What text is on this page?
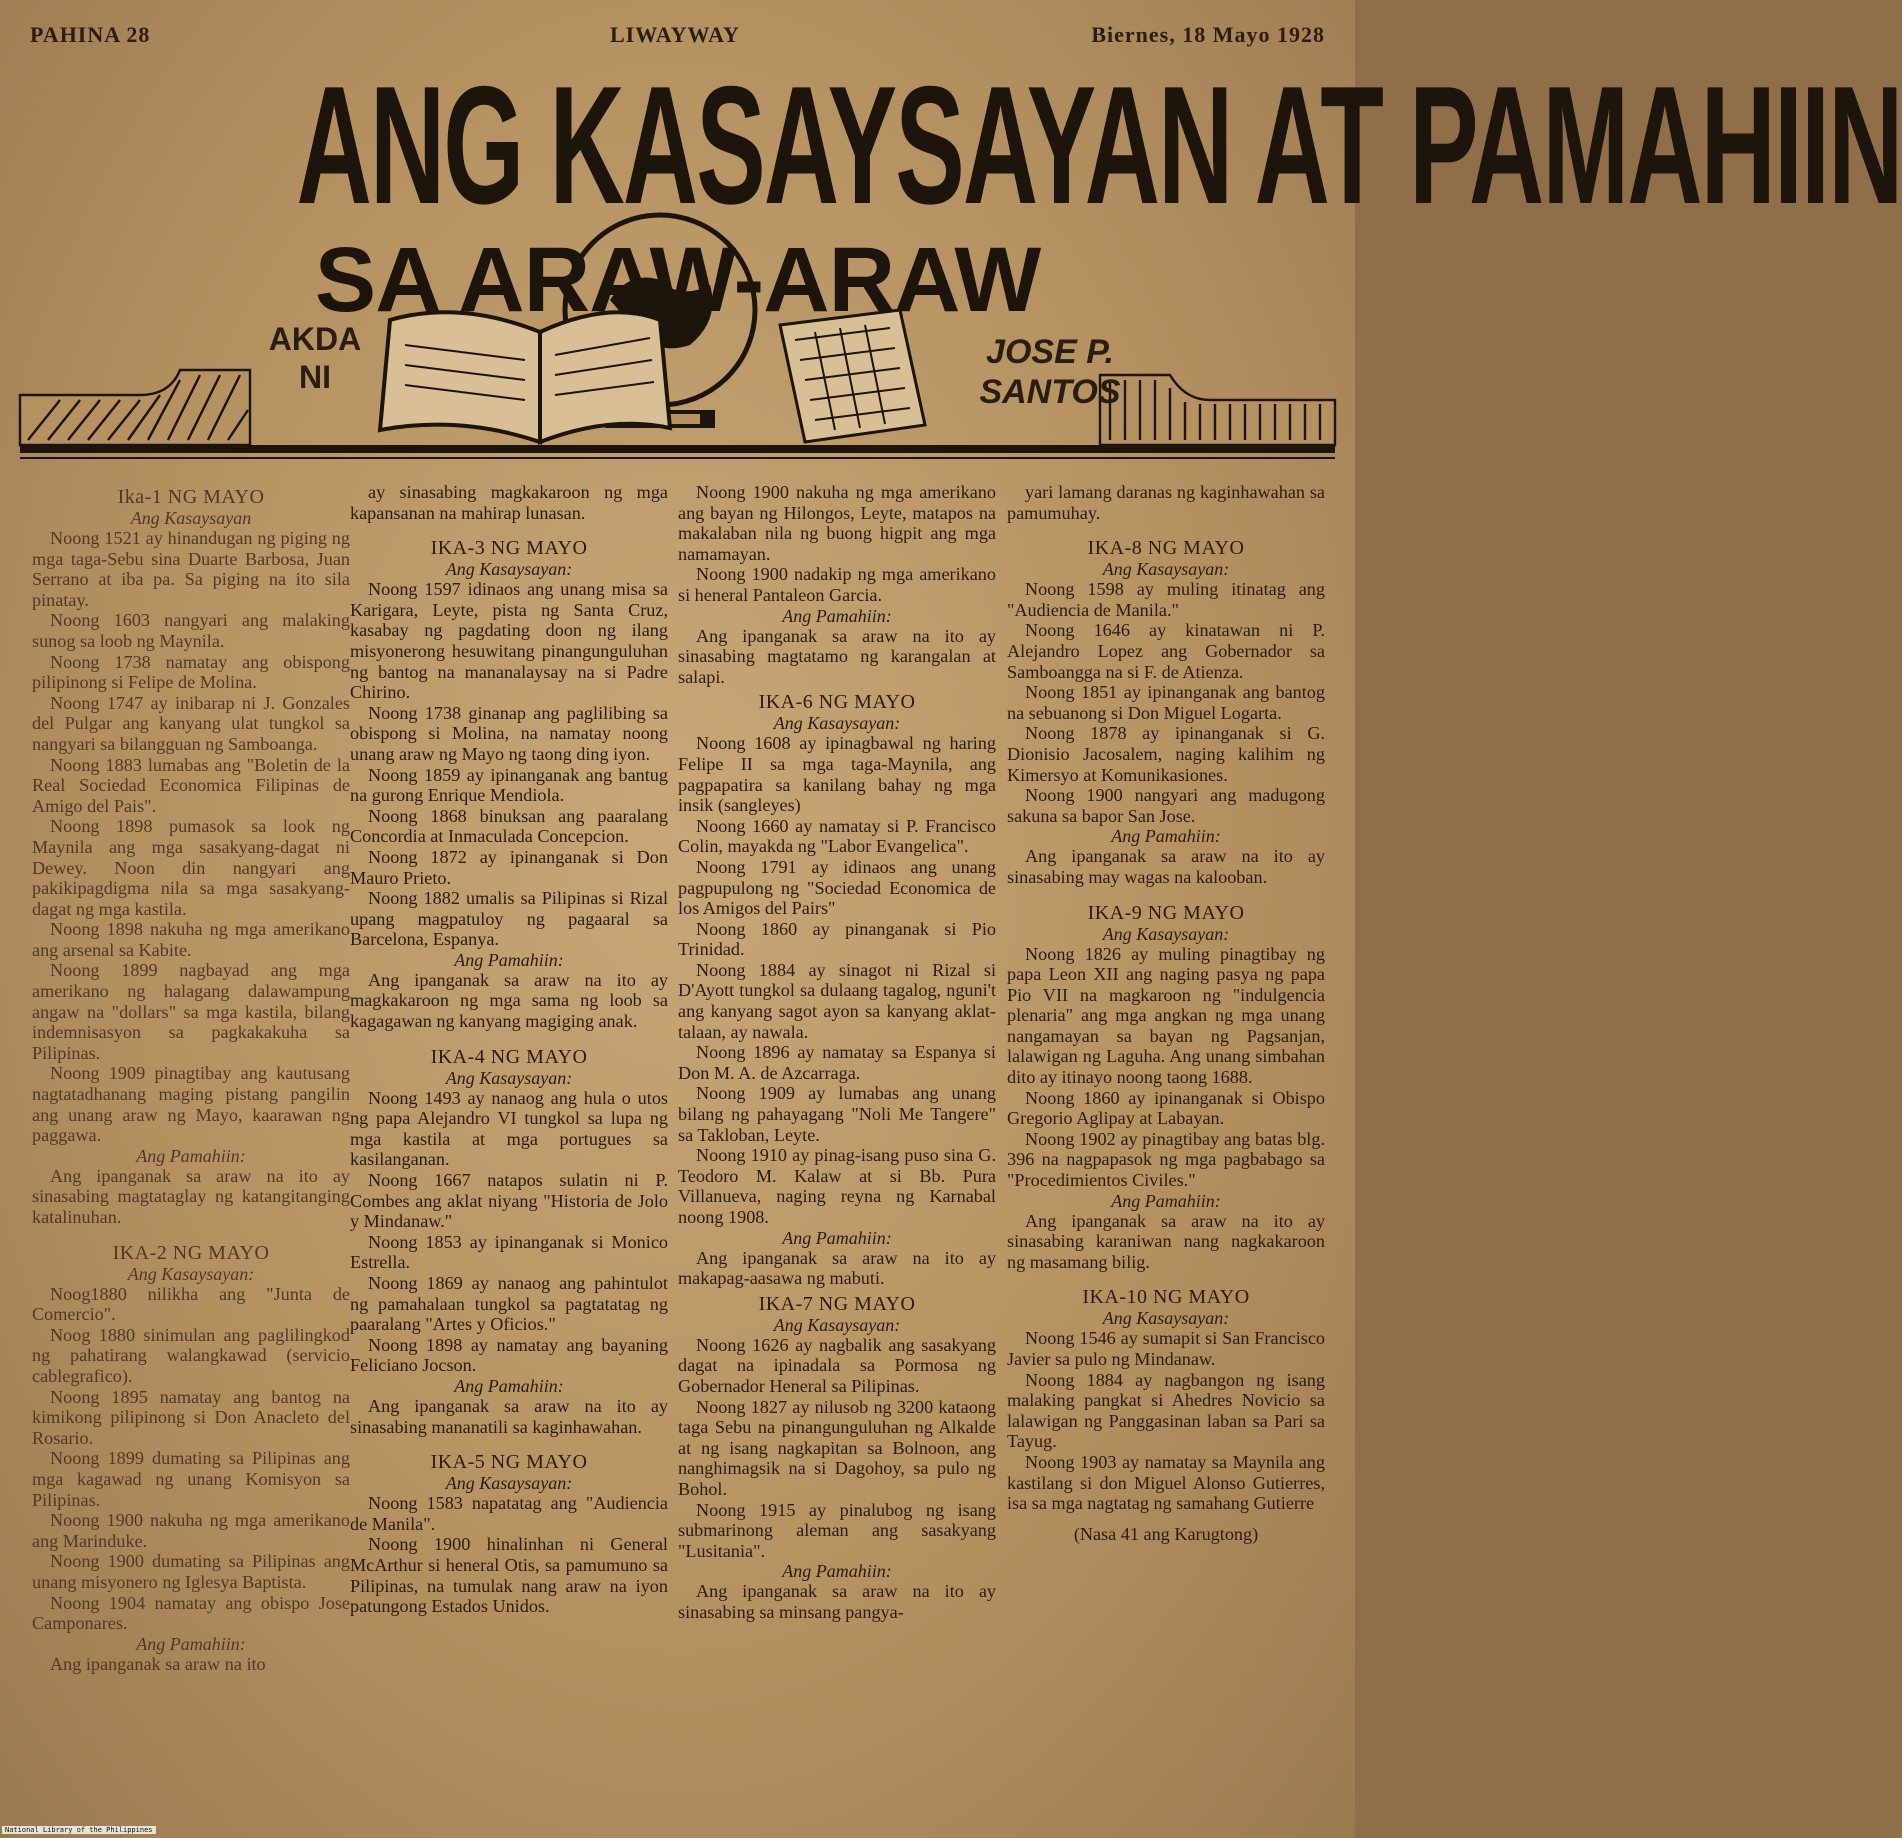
PAHINA 28	LIWAYWAY	Biernes, 18 Mayo 1928
ANG KASAYSAYAN AT PAMAHIIN
SA ARAW-ARAW
AKDA
NI
JOSE P.
SANTOS
Ika-1 NG MAYO
Ang Kasaysayan

Noong 1521 ay hinandugan ng piging ng mga taga-Sebu sina Duarte Barbosa, Juan Serrano at iba pa. Sa piging na ito sila pinatay.

Noong 1603 nangyari ang malaking sunog sa loob ng Maynila.

Noong 1738 namatay ang obispong pilipinong si Felipe de Molina.

Noong 1747 ay inibarap ni J. Gonzales del Pulgar ang kanyang ulat tungkol sa nangyari sa bilangguan ng Samboanga.

Noong 1883 lumabas ang "Boletin de la Real Sociedad Economica Filipinas de Amigo del Pais".

Noong 1898 pumasok sa look ng Maynila ang mga sasakyang-dagat ni Dewey. Noon din nangyari ang pakikipagdigma nila sa mga sasakyang-dagat ng mga kastila.

Noong 1898 nakuha ng mga amerikano ang arsenal sa Kabite.

Noong 1899 nagbayad ang mga amerikano ng halagang dalawampung angaw na "dollars" sa mga kastila, bilang indemnisasyon sa pagkakakuha sa Pilipinas.

Noong 1909 pinagtibay ang kautusang nagtatadhanang maging pistang pangilin ang unang araw ng Mayo, kaarawan ng paggawa.

Ang Pamahiin:

Ang ipanganak sa araw na ito ay sinasabing magtataglay ng katangitanging katalinuhan.

IKA-2 NG MAYO
Ang Kasaysayan:

Noog1880 nilikha ang "Junta de Comercio".

Noog 1880 sinimulan ang paglilingkod ng pahatirang walangkawad (servicio cablegrafico).

Noong 1895 namatay ang bantog na kimikong pilipinong si Don Anacleto del Rosario.

Noong 1899 dumating sa Pilipinas ang mga kagawad ng unang Komisyon sa Pilipinas.

Noong 1900 nakuha ng mga amerikano ang Marinduke.

Noong 1900 dumating sa Pilipinas ang unang misyonero ng Iglesya Baptista.

Noong 1904 namatay ang obispo Jose Camponares.

Ang Pamahiin:

Ang ipanganak sa araw na ito

ay sinasabing magkakaroon ng mga kapansanan na mahirap lunasan.

IKA-3 NG MAYO
Ang Kasaysayan:

Noong 1597 idinaos ang unang misa sa Karigara, Leyte, pista ng Santa Cruz, kasabay ng pagdating doon ng ilang misyonerong hesuwitang pinangunguluhan ng bantog na mananalaysay na si Padre Chirino.

Noong 1738 ginanap ang paglilibing sa obispong si Molina, na namatay noong unang araw ng Mayo ng taong ding iyon.

Noong 1859 ay ipinanganak ang bantug na gurong Enrique Mendiola.

Noong 1868 binuksan ang paaralang Concordia at Inmaculada Concepcion.

Noong 1872 ay ipinanganak si Don Mauro Prieto.

Noong 1882 umalis sa Pilipinas si Rizal upang magpatuloy ng pagaaral sa Barcelona, Espanya.

Ang Pamahiin:

Ang ipanganak sa araw na ito ay magkakaroon ng mga sama ng loob sa kagagawan ng kanyang magiging anak.

IKA-4 NG MAYO
Ang Kasaysayan:

Noong 1493 ay nanaog ang hula o utos ng papa Alejandro VI tungkol sa lupa ng mga kastila at mga portugues sa kasilanganan.

Noong 1667 natapos sulatin ni P. Combes ang aklat niyang "Historia de Jolo y Mindanaw."

Noong 1853 ay ipinanganak si Monico Estrella.

Noong 1869 ay nanaog ang pahintulot ng pamahalaan tungkol sa pagtatatag ng paaralang "Artes y Oficios."

Noong 1898 ay namatay ang bayaning Feliciano Jocson.

Ang Pamahiin:

Ang ipanganak sa araw na ito ay sinasabing mananatili sa kaginhawahan.

IKA-5 NG MAYO
Ang Kasaysayan:

Noong 1583 napatatag ang "Audiencia de Manila".

Noong 1900 hinalinhan ni General McArthur si heneral Otis, sa pamumuno sa Pilipinas, na tumulak nang araw na iyon patungong Estados Unidos.

Noong 1900 nakuha ng mga amerikano ang bayan ng Hilongos, Leyte, matapos na makalaban nila ng buong higpit ang mga namamayan.

Noong 1900 nadakip ng mga amerikano si heneral Pantaleon Garcia.

Ang Pamahiin:

Ang ipanganak sa araw na ito ay sinasabing magtatamo ng karangalan at salapi.

IKA-6 NG MAYO
Ang Kasaysayan:

Noong 1608 ay ipinagbawal ng haring Felipe II sa mga taga-Maynila, ang pagpapatira sa kanilang bahay ng mga insik (sangleyes)

Noong 1660 ay namatay si P. Francisco Colin, mayakda ng "Labor Evangelica".

Noong 1791 ay idinaos ang unang pagpupulong ng "Sociedad Economica de los Amigos del Pairs"

Noong 1860 ay pinanganak si Pio Trinidad.

Noong 1884 ay sinagot ni Rizal si D'Ayott tungkol sa dulaang tagalog, nguni't ang kanyang sagot ayon sa kanyang aklat-talaan, ay nawala.

Noong 1896 ay namatay sa Espanya si Don M. A. de Azcarraga.

Noong 1909 ay lumabas ang unang bilang ng pahayagang "Noli Me Tangere" sa Takloban, Leyte.

Noong 1910 ay pinag-isang puso sina G. Teodoro M. Kalaw at si Bb. Pura Villanueva, naging reyna ng Karnabal noong 1908.

Ang Pamahiin:

Ang ipanganak sa araw na ito ay makapag-aasawa ng mabuti.

IKA-7 NG MAYO
Ang Kasaysayan:

Noong 1626 ay nagbalik ang sasakyang dagat na ipinadala sa Pormosa ng Gobernador Heneral sa Pilipinas.

Noong 1827 ay nilusob ng 3200 kataong taga Sebu na pinangunguluhan ng Alkalde at ng isang nagkapitan sa Bolnoon, ang nanghimagsik na si Dagohoy, sa pulo ng Bohol.

Noong 1915 ay pinalubog ng isang submarinong aleman ang sasakyang "Lusitania".

Ang Pamahiin:

Ang ipanganak sa araw na ito ay sinasabing sa minsang pangya-

yari lamang daranas ng kaginhawahan sa pamumuhay.

IKA-8 NG MAYO
Ang Kasaysayan:

Noong 1598 ay muling itinatag ang "Audiencia de Manila."

Noong 1646 ay kinatawan ni P. Alejandro Lopez ang Gobernador sa Samboangga na si F. de Atienza.

Noong 1851 ay ipinanganak ang bantog na sebuanong si Don Miguel Logarta.

Noong 1878 ay ipinanganak si G. Dionisio Jacosalem, naging kalihim ng Kimersyo at Komunikasiones.

Noong 1900 nangyari ang madugong sakuna sa bapor San Jose.

Ang Pamahiin:

Ang ipanganak sa araw na ito ay sinasabing may wagas na kalooban.

IKA-9 NG MAYO
Ang Kasaysayan:

Noong 1826 ay muling pinagtibay ng papa Leon XII ang naging pasya ng papa Pio VII na magkaroon ng "indulgencia plenaria" ang mga angkan ng mga unang nangamayan sa bayan ng Pagsanjan, lalawigan ng Laguha. Ang unang simbahan dito ay itinayo noong taong 1688.

Noong 1860 ay ipinanganak si Obispo Gregorio Aglipay at Labayan.

Noong 1902 ay pinagtibay ang batas blg. 396 na nagpapasok ng mga pagbabago sa "Procedimientos Civiles."

Ang Pamahiin:

Ang ipanganak sa araw na ito ay sinasabing karaniwan nang nagkakaroon ng masamang bilig.

IKA-10 NG MAYO
Ang Kasaysayan:

Noong 1546 ay sumapit si San Francisco Javier sa pulo ng Mindanaw.

Noong 1884 ay nagbangon ng isang malaking pangkat si Ahedres Novicio sa lalawigan ng Panggasinan laban sa Pari sa Tayug.

Noong 1903 ay namatay sa Maynila ang kastilang si don Miguel Alonso Gutierres, isa sa mga nagtatag ng samahang Gutierre

(Nasa 41 ang Karugtong)
National Library of the Philippines
